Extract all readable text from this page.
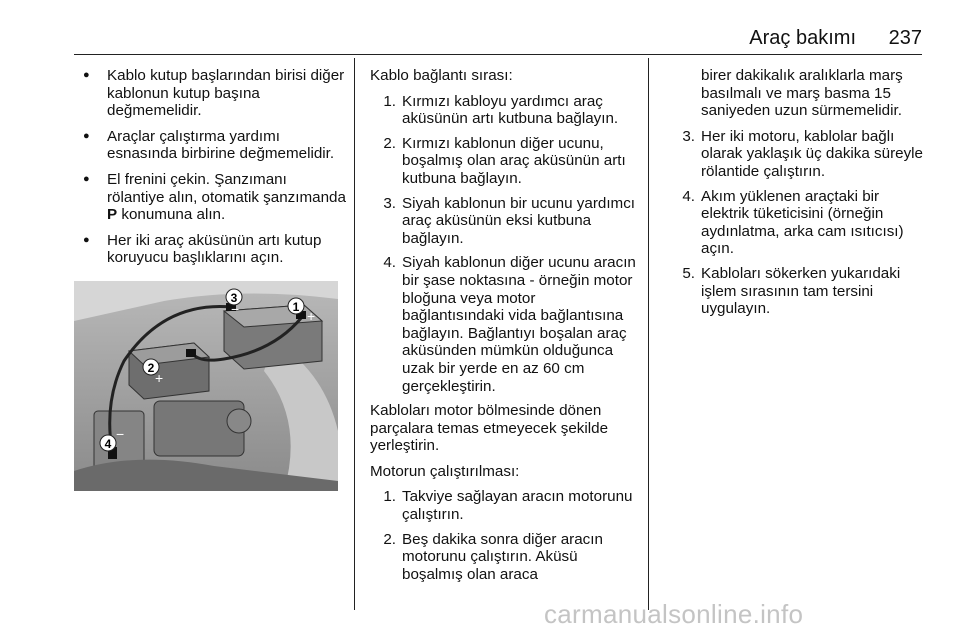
Araç bakımı 237
● Kablo kutup başlarından birisi diğer kablonun kutup başına değmemelidir.
● Araçlar çalıştırma yardımı esnasında birbirine değmemelidir.
● El frenini çekin. Şanzımanı rölantiye alın, otomatik şanzımanda P konumuna alın.
● Her iki araç aküsünün artı kutup koruyucu başlıklarını açın.
1
+
2
+
3
−
4
−
Kablo bağlantı sırası:
1. Kırmızı kabloyu yardımcı araç aküsünün artı kutbuna bağlayın.
2. Kırmızı kablonun diğer ucunu, boşalmış olan araç aküsünün artı kutbuna bağlayın.
3. Siyah kablonun bir ucunu yardımcı araç aküsünün eksi kutbuna bağlayın.
4. Siyah kablonun diğer ucunu aracın bir şase noktasına - örneğin motor bloğuna veya motor bağlantısındaki vida bağlantısına bağlayın. Bağlantıyı boşalan araç aküsünden mümkün olduğunca uzak bir yerde en az 60 cm gerçekleştirin.
Kabloları motor bölmesinde dönen parçalara temas etmeyecek şekilde yerleştirin.
Motorun çalıştırılması:
1. Takviye sağlayan aracın motorunu çalıştırın.
2. Beş dakika sonra diğer aracın motorunu çalıştırın. Aküsü boşalmış olan araca
birer dakikalık aralıklarla marş basılmalı ve marş basma 15 saniyeden uzun sürmemelidir.
3. Her iki motoru, kablolar bağlı olarak yaklaşık üç dakika süreyle rölantide çalıştırın.
4. Akım yüklenen araçtaki bir elektrik tüketicisini (örneğin aydınlatma, arka cam ısıtıcısı) açın.
5. Kabloları sökerken yukarıdaki işlem sırasının tam tersini uygulayın.
carmanualsonline.info
